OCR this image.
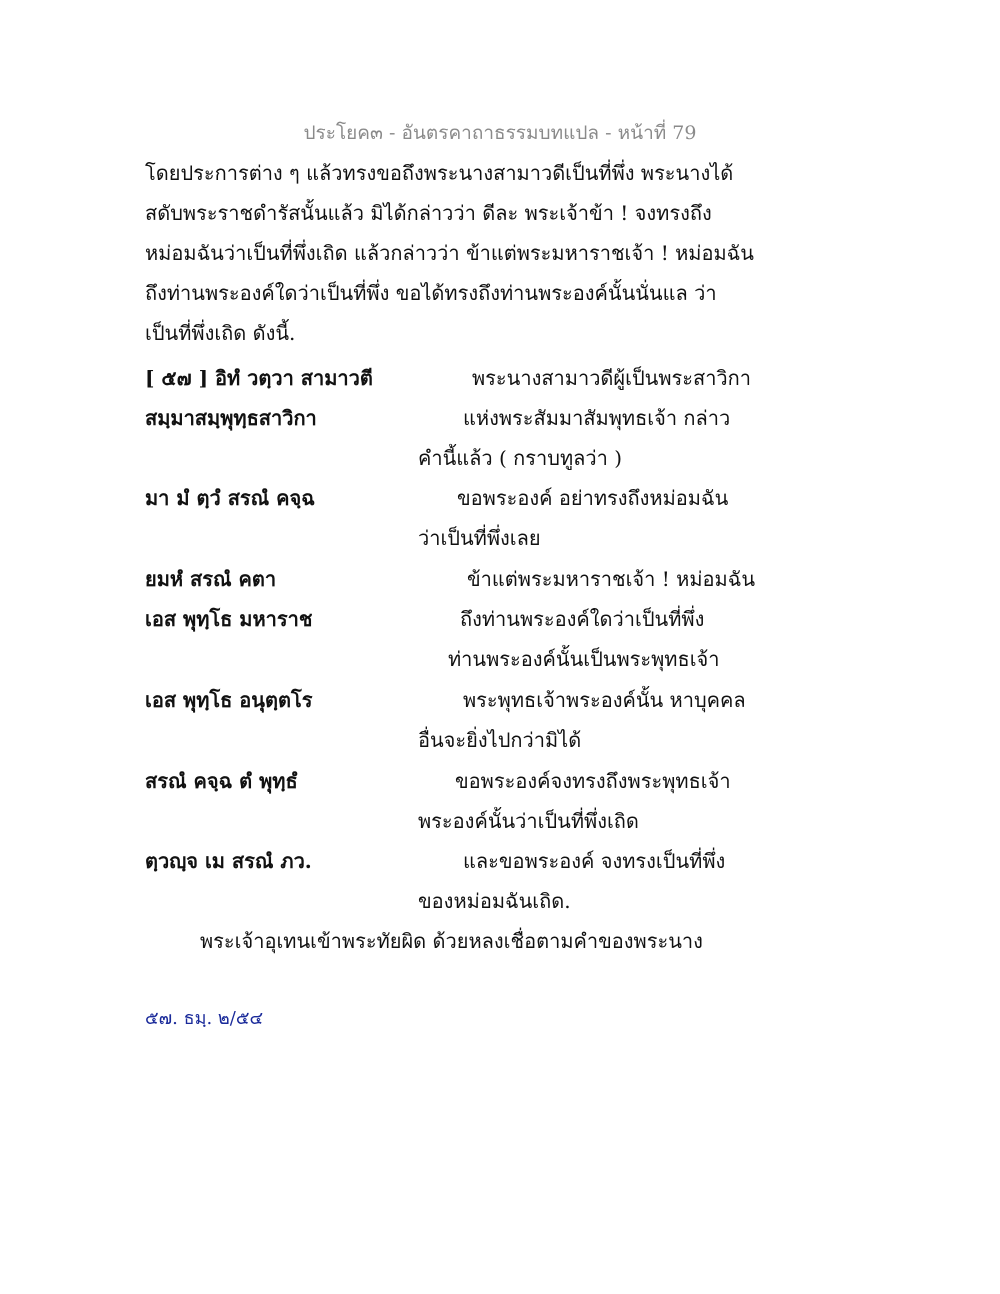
ประโยค๓ - อันตรคาถาธรรมบทแปล - หน้าที่ 79
โดยประการต่าง ๆ แล้วทรงขอถึงพระนางสามาวดีเป็นที่พึ่ง พระนางได้
สดับพระราชดำรัสนั้นแล้ว มิได้กล่าวว่า ดีละ พระเจ้าข้า ! จงทรงถึง
หม่อมฉันว่าเป็นที่พึ่งเถิด แล้วกล่าวว่า ข้าแต่พระมหาราชเจ้า ! หม่อมฉัน
ถึงท่านพระองค์ใดว่าเป็นที่พึ่ง ขอได้ทรงถึงท่านพระองค์นั้นนั่นแล ว่า
เป็นที่พึ่งเถิด ดังนี้.
[ ๕๗ ] อิทํ วตฺวา สามาวตี	พระนางสามาวดีผู้เป็นพระสาวิกา
สมฺมาสมฺพุทฺธสาวิกา	แห่งพระสัมมาสัมพุทธเจ้า กล่าว
คำนี้แล้ว ( กราบทูลว่า )
มา มํ ตฺวํ สรณํ คจฺฉ	ขอพระองค์ อย่าทรงถึงหม่อมฉัน
ว่าเป็นที่พึ่งเลย
ยมหํ สรณํ คตา	ข้าแต่พระมหาราชเจ้า ! หม่อมฉัน
เอส พุทฺโธ มหาราช	ถึงท่านพระองค์ใดว่าเป็นที่พึ่ง
ท่านพระองค์นั้นเป็นพระพุทธเจ้า
เอส พุทฺโธ อนุตฺตโร	พระพุทธเจ้าพระองค์นั้น หาบุคคล
อื่นจะยิ่งไปกว่ามิได้
สรณํ คจฺฉ ตํ พุทฺธํ	ขอพระองค์จงทรงถึงพระพุทธเจ้า
พระองค์นั้นว่าเป็นที่พึ่งเถิด
ตฺวญฺจ เม สรณํ ภว.	และขอพระองค์ จงทรงเป็นที่พึ่ง
ของหม่อมฉันเถิด.
พระเจ้าอุเทนเข้าพระทัยผิด ด้วยหลงเชื่อตามคำของพระนาง
๕๗. ธมฺ. ๒/๕๔
